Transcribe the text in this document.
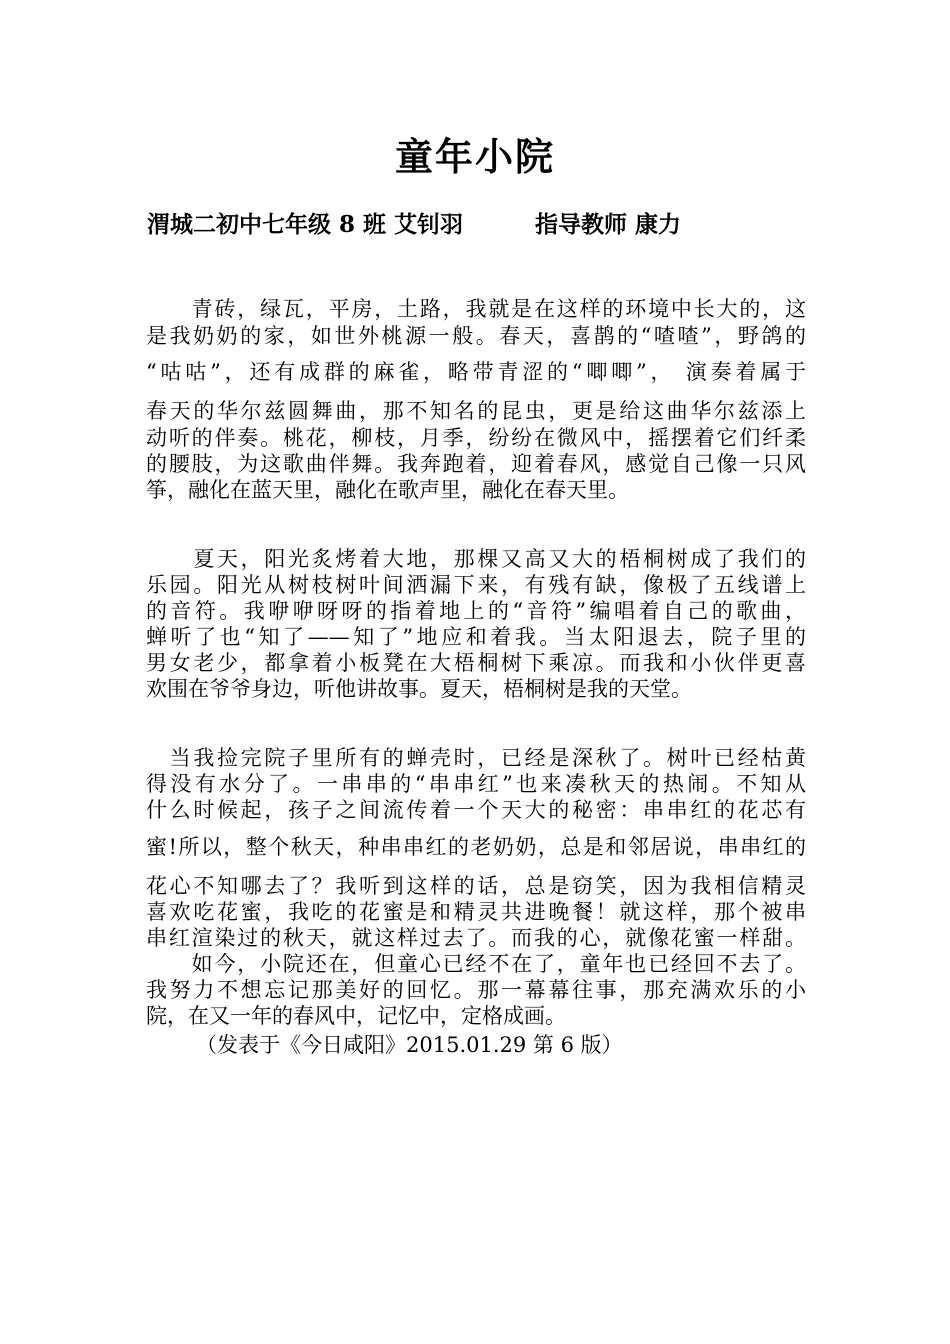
童年小院
渭城二初中七年级 8 班 艾钊羽	指导教师 康力
　　青砖，绿瓦，平房，土路，我就是在这样的环境中长大的，这
是我奶奶的家，如世外桃源一般。春天，喜鹊的“喳喳”，野鸽的
“咕咕”，还有成群的麻雀，略带青涩的“唧唧”， 演奏着属于
春天的华尔兹圆舞曲，那不知名的昆虫，更是给这曲华尔兹添上
动听的伴奏。桃花，柳枝，月季，纷纷在微风中，摇摆着它们纤柔
的腰肢，为这歌曲伴舞。我奔跑着，迎着春风，感觉自己像一只风
筝，融化在蓝天里，融化在歌声里，融化在春天里。
　　夏天，阳光炙烤着大地，那棵又高又大的梧桐树成了我们的
乐园。阳光从树枝树叶间洒漏下来，有残有缺，像极了五线谱上
的音符。我咿咿呀呀的指着地上的“音符”编唱着自己的歌曲，
蝉听了也“知了——知了”地应和着我。当太阳退去，院子里的
男女老少，都拿着小板凳在大梧桐树下乘凉。而我和小伙伴更喜
欢围在爷爷身边，听他讲故事。夏天，梧桐树是我的天堂。
　当我捡完院子里所有的蝉壳时，已经是深秋了。树叶已经枯黄
得没有水分了。一串串的“串串红”也来凑秋天的热闹。不知从
什么时候起，孩子之间流传着一个天大的秘密：串串红的花芯有
蜜!所以，整个秋天，种串串红的老奶奶，总是和邻居说，串串红的
花心不知哪去了？我听到这样的话，总是窃笑，因为我相信精灵
喜欢吃花蜜，我吃的花蜜是和精灵共进晚餐！就这样，那个被串
串红渲染过的秋天，就这样过去了。而我的心，就像花蜜一样甜。
　　如今，小院还在，但童心已经不在了，童年也已经回不去了。
我努力不想忘记那美好的回忆。那一幕幕往事，那充满欢乐的小
院，在又一年的春风中，记忆中，定格成画。
（发表于《今日咸阳》2015.01.29 第 6 版）
